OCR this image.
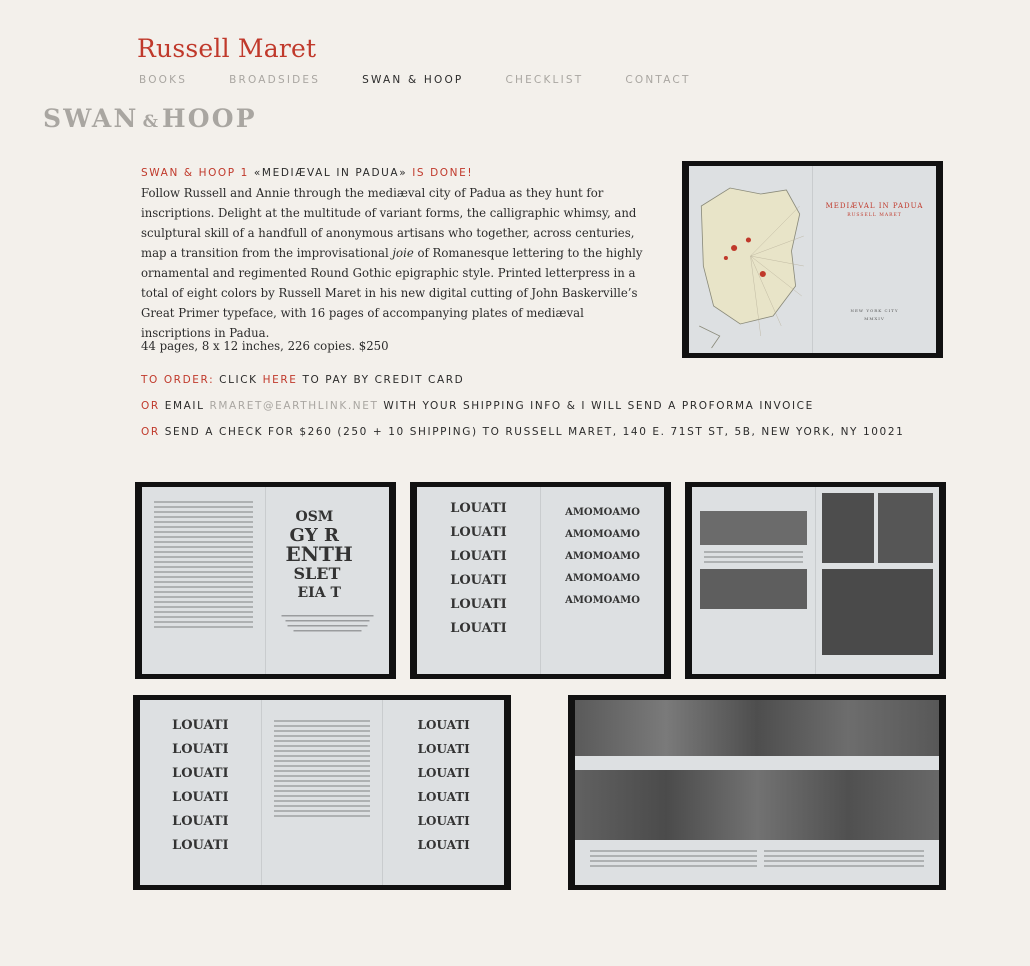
Russell Maret
BOOKS	BROADSIDES	SWAN & HOOP	CHECKLIST	CONTACT
SWAN & HOOP
SWAN & HOOP 1 «MEDIÆVAL IN PADUA» IS DONE!

Follow Russell and Annie through the mediæval city of Padua as they hunt for inscriptions. Delight at the multitude of variant forms, the calligraphic whimsy, and sculptural skill of a handfull of anonymous artisans who together, across centuries, map a transition from the improvisational joie of Romanesque lettering to the highly ornamental and regimented Round Gothic epigraphic style. Printed letterpress in a total of eight colors by Russell Maret in his new digital cutting of John Baskerville’s Great Primer typeface, with 16 pages of accompanying plates of mediæval inscriptions in Padua.

44 pages, 8 x 12 inches, 226 copies. $250

TO ORDER: CLICK HERE TO PAY BY CREDIT CARD
OR EMAIL RMARET@EARTHLINK.NET WITH YOUR SHIPPING INFO & I WILL SEND A PROFORMA INVOICE
OR SEND A CHECK FOR $260 (250 + 10 SHIPPING) TO RUSSELL MARET, 140 E. 71ST ST, 5B, NEW YORK, NY 10021
MEDIÆVAL IN PADUA
RUSSELL MARET
NEW YORK CITY
MMXIV
OSM
GY R
ENTH
SLET
EIA T
LOUATI
LOUATI
LOUATI
LOUATI
LOUATI
LOUATI
AMOMOAMO
AMOMOAMO
AMOMOAMO
AMOMOAMO
AMOMOAMO
LOUATI
LOUATI
LOUATI
LOUATI
LOUATI
LOUATI
LOUATI
LOUATI
LOUATI
LOUATI
LOUATI
LOUATI
